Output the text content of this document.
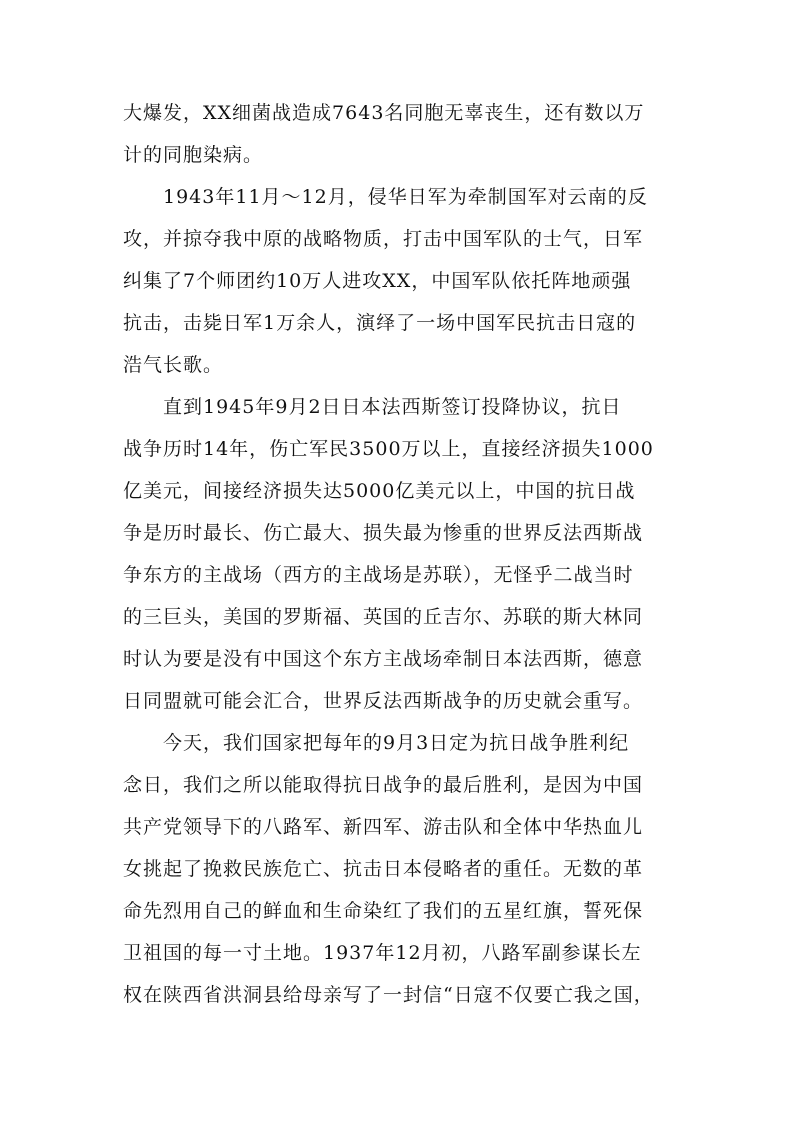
大爆发，XX细菌战造成7643名同胞无辜丧生，还有数以万
计的同胞染病。
1943年11月～12月，侵华日军为牵制国军对云南的反
攻，并掠夺我中原的战略物质，打击中国军队的士气，日军
纠集了7个师团约10万人进攻XX，中国军队依托阵地顽强
抗击，击毙日军1万余人，演绎了一场中国军民抗击日寇的
浩气长歌。
直到1945年9月2日日本法西斯签订投降协议，抗日
战争历时14年，伤亡军民3500万以上，直接经济损失1000
亿美元，间接经济损失达5000亿美元以上，中国的抗日战
争是历时最长、伤亡最大、损失最为惨重的世界反法西斯战
争东方的主战场（西方的主战场是苏联），无怪乎二战当时
的三巨头，美国的罗斯福、英国的丘吉尔、苏联的斯大林同
时认为要是没有中国这个东方主战场牵制日本法西斯，德意
日同盟就可能会汇合，世界反法西斯战争的历史就会重写。
今天，我们国家把每年的9月3日定为抗日战争胜利纪
念日，我们之所以能取得抗日战争的最后胜利，是因为中国
共产党领导下的八路军、新四军、游击队和全体中华热血儿
女挑起了挽救民族危亡、抗击日本侵略者的重任。无数的革
命先烈用自己的鲜血和生命染红了我们的五星红旗，誓死保
卫祖国的每一寸土地。1937年12月初，八路军副参谋长左
权在陕西省洪洞县给母亲写了一封信“日寇不仅要亡我之国，
